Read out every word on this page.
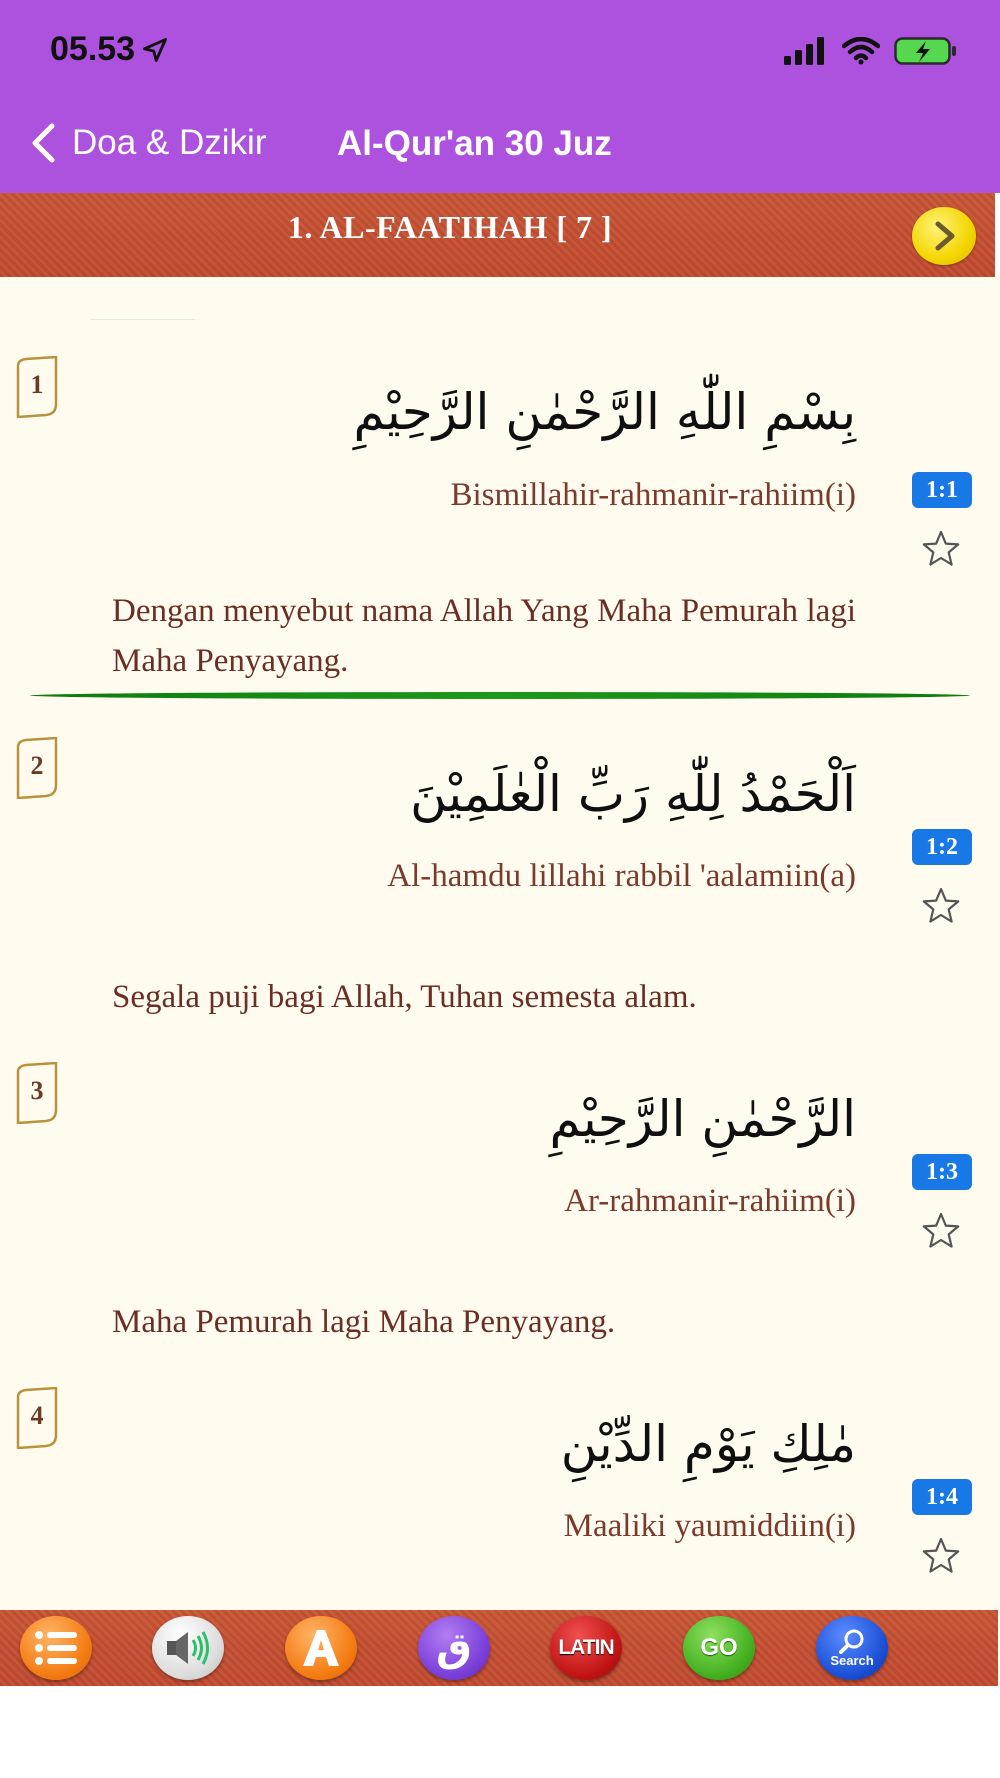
05.53
Doa & Dzikir Al-Qur'an 30 Juz
1. AL-FAATIHAH [ 7 ]
1	بِسْمِ اللّٰهِ الرَّحْمٰنِ الرَّحِيْمِ
Bismillahir-rahmanir-rahiim(i)	1:1
Dengan menyebut nama Allah Yang Maha Pemurah lagi Maha Penyayang.
2	اَلْحَمْدُ لِلّٰهِ رَبِّ الْعٰلَمِيْنَ
Al-hamdu lillahi rabbil 'aalamiin(a)
1:2
Segala puji bagi Allah, Tuhan semesta alam.
3	الرَّحْمٰنِ الرَّحِيْمِ
Ar-rahmanir-rahiim(i)
1:3
Maha Pemurah lagi Maha Penyayang.
4	مٰلِكِ يَوْمِ الدِّيْنِ
Maaliki yaumiddiin(i)
1:4
ق	LATIN	GO	Search
